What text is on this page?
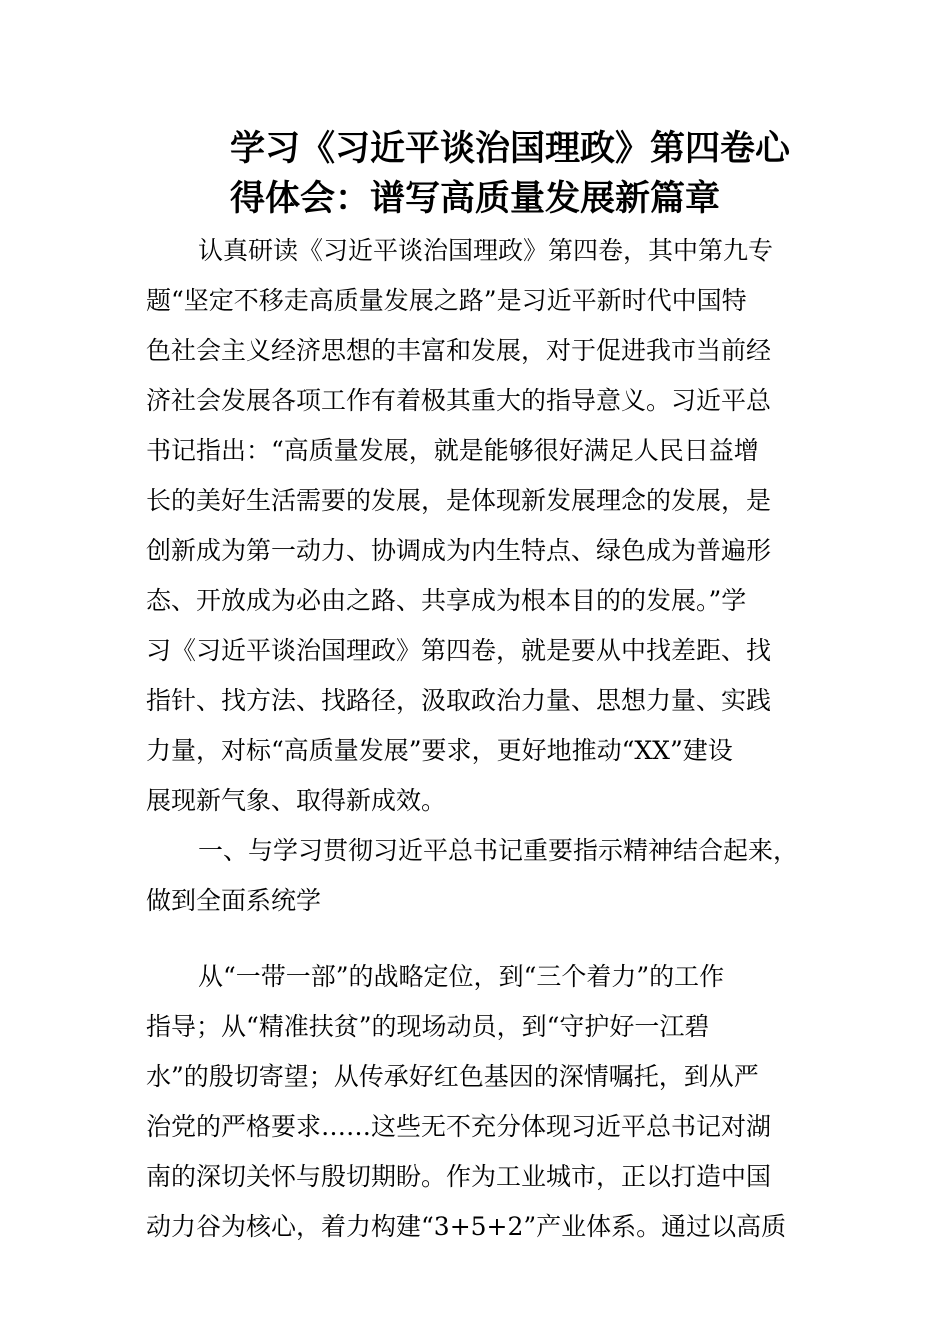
学习《习近平谈治国理政》第四卷心
得体会：谱写高质量发展新篇章
认真研读《习近平谈治国理政》第四卷，其中第九专
题“坚定不移走高质量发展之路”是习近平新时代中国特
色社会主义经济思想的丰富和发展，对于促进我市当前经
济社会发展各项工作有着极其重大的指导意义。习近平总
书记指出：“高质量发展，就是能够很好满足人民日益增
长的美好生活需要的发展，是体现新发展理念的发展，是
创新成为第一动力、协调成为内生特点、绿色成为普遍形
态、开放成为必由之路、共享成为根本目的的发展。”学
习《习近平谈治国理政》第四卷，就是要从中找差距、找
指针、找方法、找路径，汲取政治力量、思想力量、实践
力量，对标“高质量发展”要求，更好地推动“XX”建设
展现新气象、取得新成效。
一、与学习贯彻习近平总书记重要指示精神结合起来，
做到全面系统学
从“一带一部”的战略定位，到“三个着力”的工作
指导；从“精准扶贫”的现场动员，到“守护好一江碧
水”的殷切寄望；从传承好红色基因的深情嘱托，到从严
治党的严格要求……这些无不充分体现习近平总书记对湖
南的深切关怀与殷切期盼。作为工业城市，正以打造中国
动力谷为核心，着力构建“3+5+2”产业体系。通过以高质
